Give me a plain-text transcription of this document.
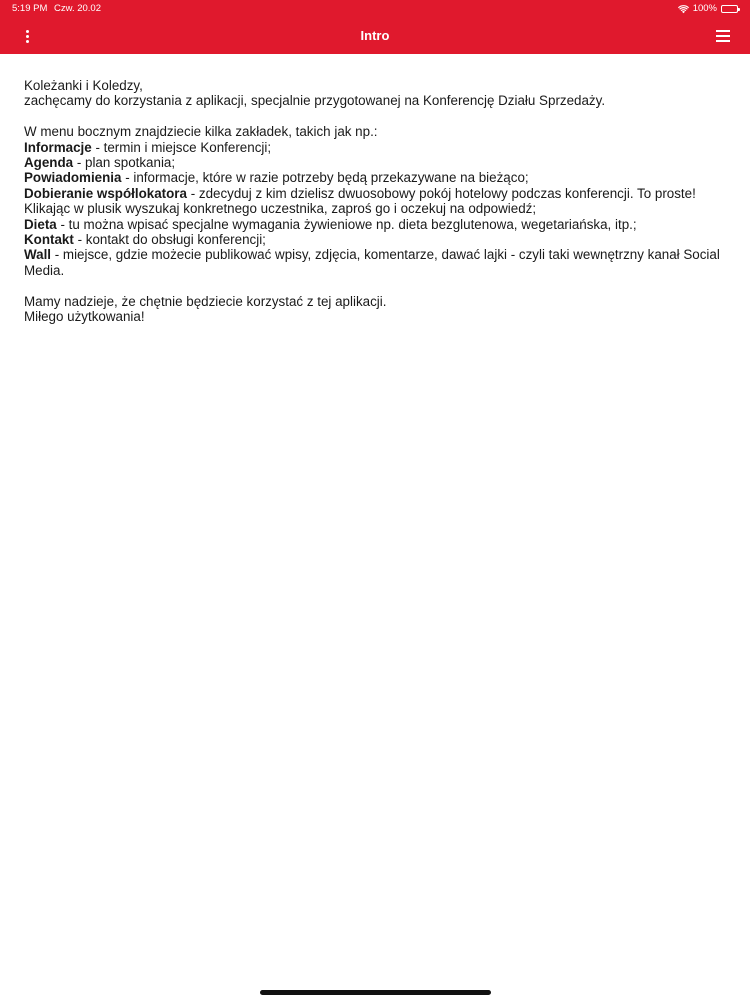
5:19 PM Czw. 20.02	100%
Intro

Koleżanki i Koledzy,

zachęcamy do korzystania z aplikacji, specjalnie przygotowanej na Konferencję Działu Sprzedaży.

W menu bocznym znajdziecie kilka zakładek, takich jak np.:

Informacje - termin i miejsce Konferencji;

Agenda - plan spotkania;

Powiadomienia - informacje, które w razie potrzeby będą przekazywane na bieżąco;

Dobieranie współlokatora - zdecyduj z kim dzielisz dwuosobowy pokój hotelowy podczas konferencji. To proste!

Klikając w plusik wyszukaj konkretnego uczestnika, zaproś go i oczekuj na odpowiedź;

Dieta - tu można wpisać specjalne wymagania żywieniowe np. dieta bezglutenowa, wegetariańska, itp.;

Kontakt - kontakt do obsługi konferencji;

Wall - miejsce, gdzie możecie publikować wpisy, zdjęcia, komentarze, dawać lajki - czyli taki wewnętrzny kanał Social Media.

Mamy nadzieje, że chętnie będziecie korzystać z tej aplikacji.

Miłego użytkowania!
